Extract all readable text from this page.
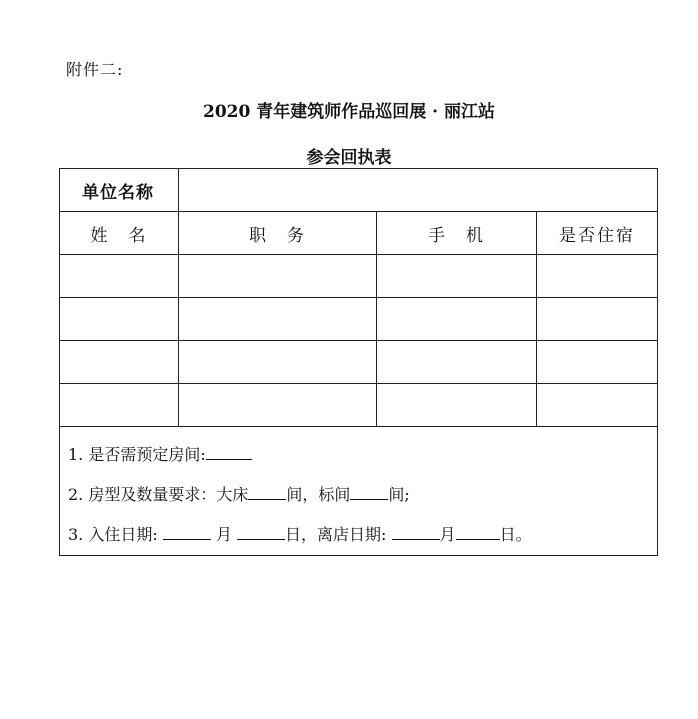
附件二:
2020 青年建筑师作品巡回展 · 丽江站
参会回执表
单位名称			
姓　名	职　务	手　机	是否住宿

1. 是否需预定房间:
2. 房型及数量要求：大床 间，标间 间;
3. 入住日期: 月 日，离店日期: 月 日。			
